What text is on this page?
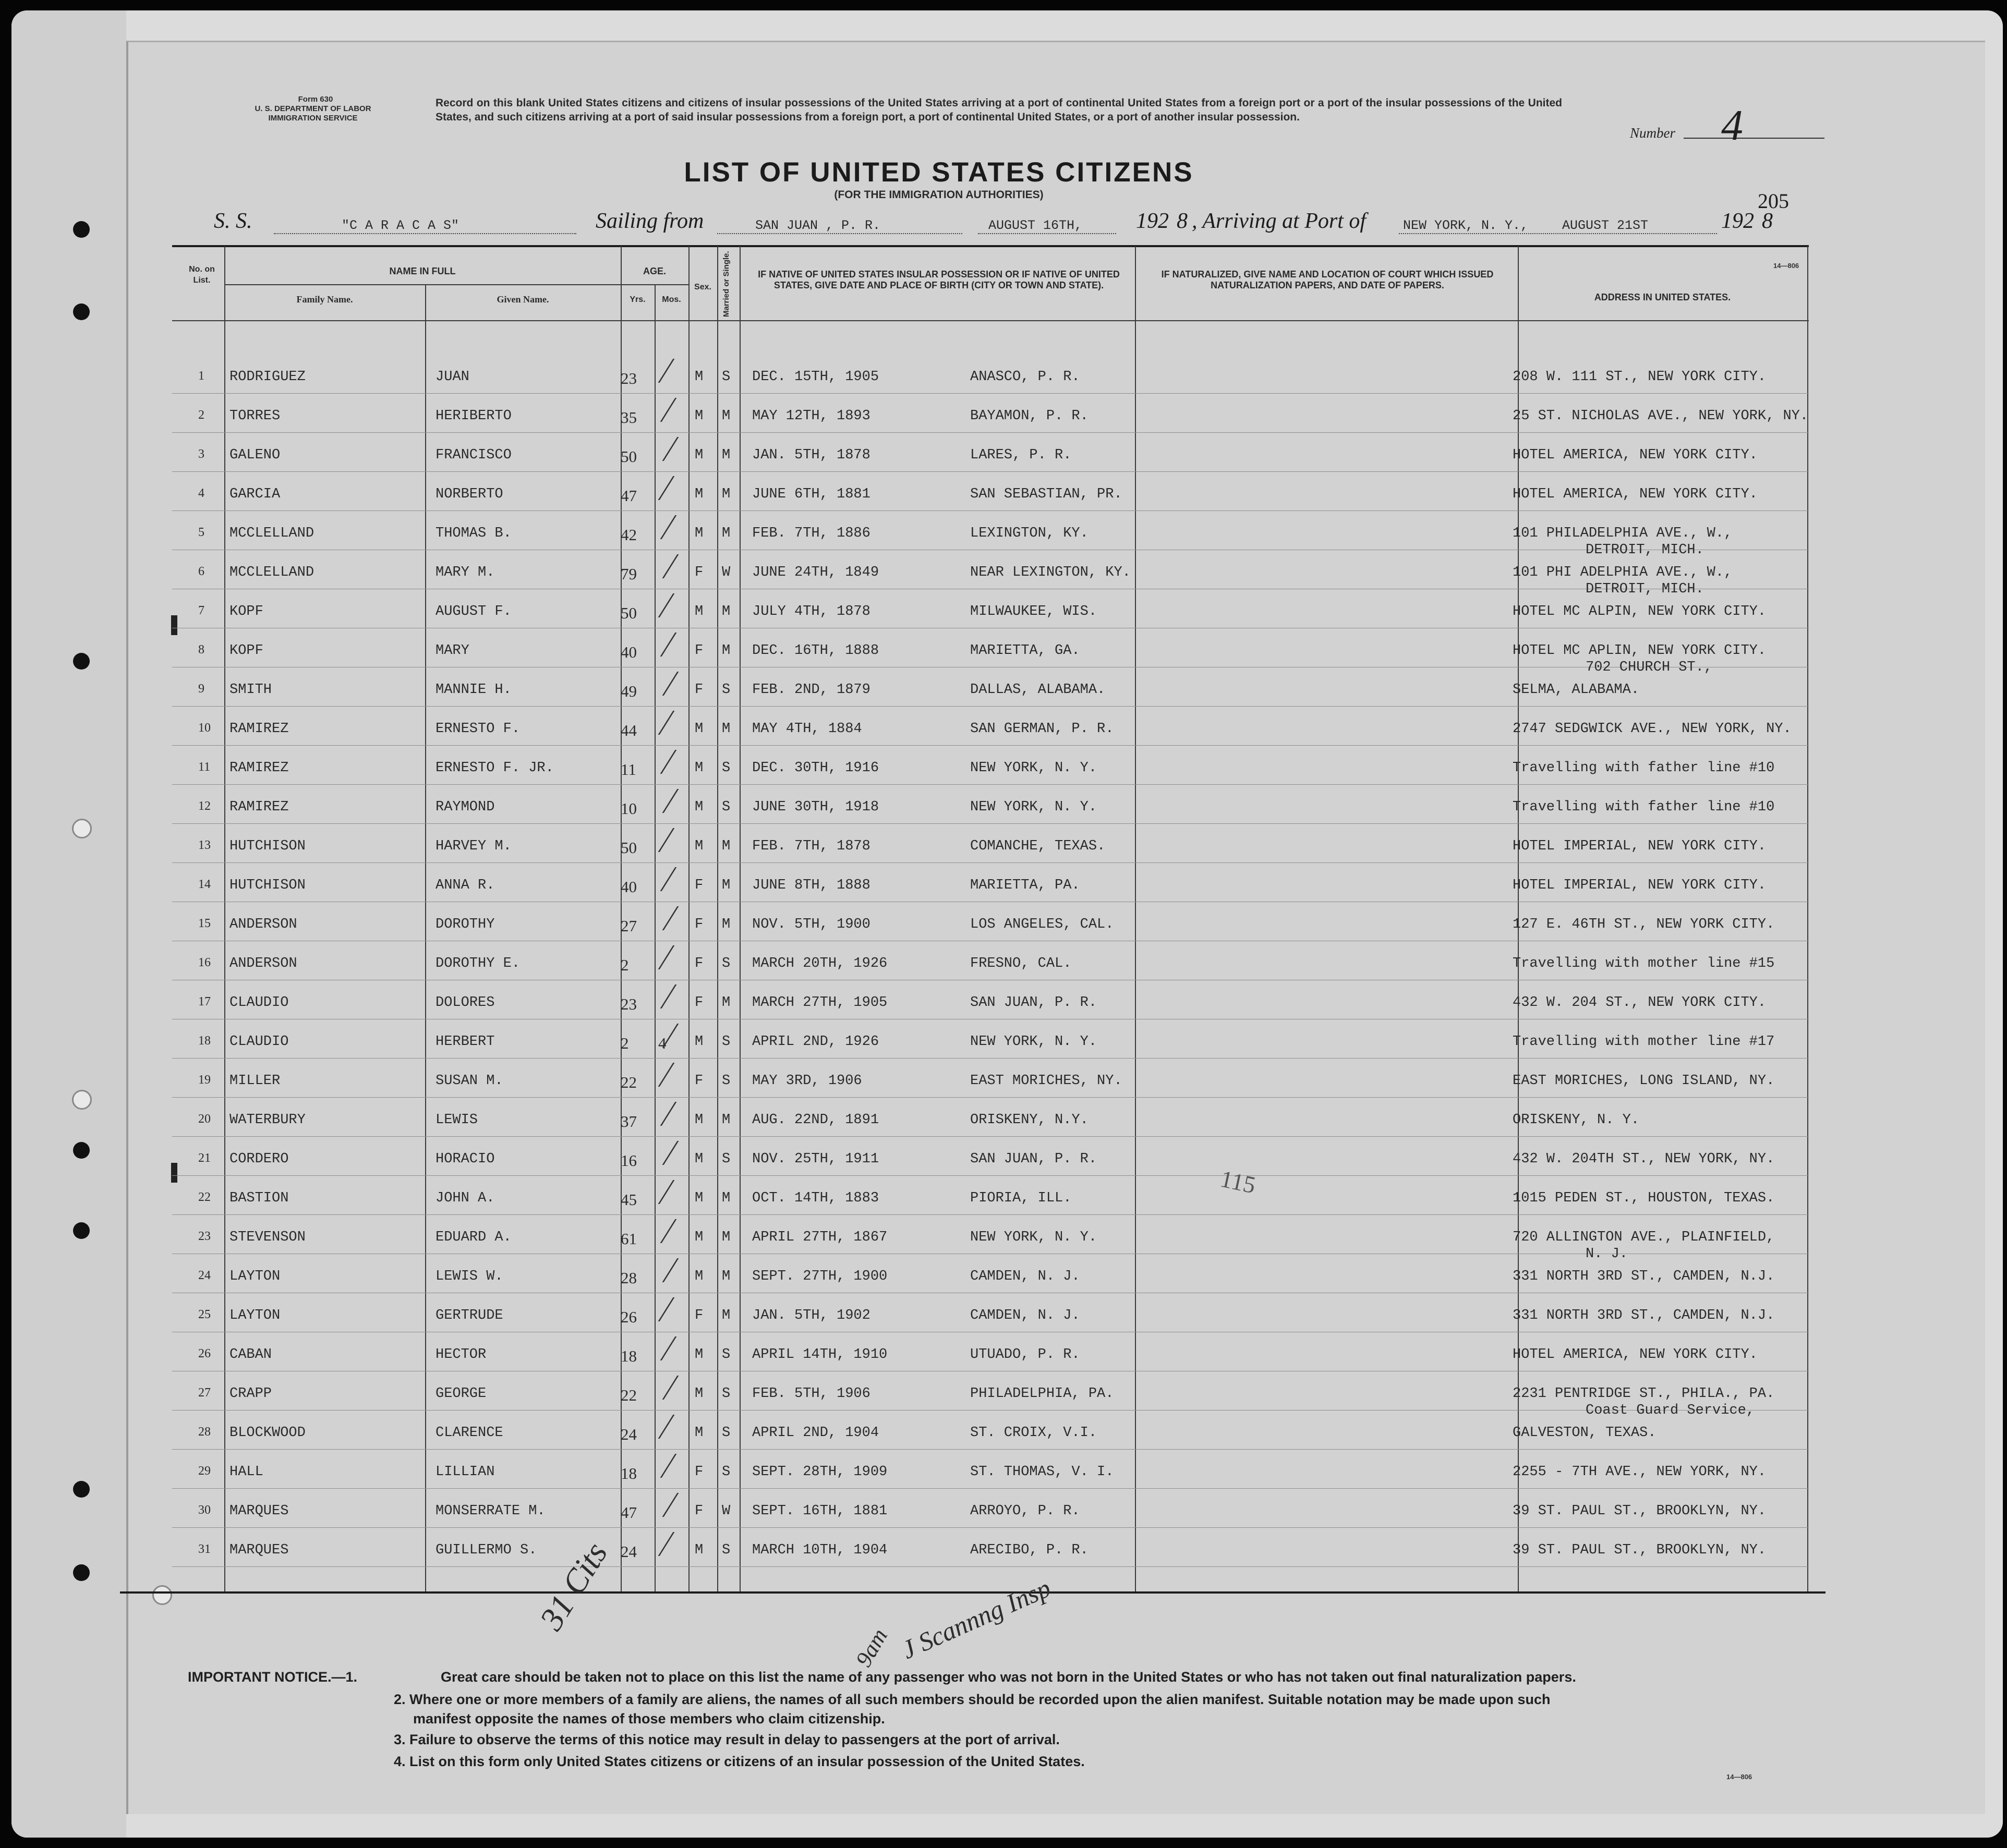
Form 630
U. S. DEPARTMENT OF LABOR
IMMIGRATION SERVICE
Record on this blank United States citizens and citizens of insular possessions of the United States arriving at a port of continental United States from a foreign port or a port of the insular possessions of the United States, and such citizens arriving at a port of said insular possessions from a foreign port, a port of continental United States, or a port of another insular possession.
Number 4
LIST OF UNITED STATES CITIZENS
(FOR THE IMMIGRATION AUTHORITIES)	205
14—806
S. S.	"C A R A C A S"	Sailing from	SAN JUAN , P. R.	AUGUST 16TH, 192 8 , Arriving at Port of	NEW YORK, N. Y.,	AUGUST 21ST	192 8
No. on List.
NAME IN FULL
Family Name.	Given Name.
AGE.
Yrs.	Mos.
Sex.	Married or Single.	IF NATIVE OF UNITED STATES INSULAR POSSESSION OR IF NATIVE OF UNITED STATES, GIVE DATE AND PLACE OF BIRTH (CITY OR TOWN AND STATE).
IF NATURALIZED, GIVE NAME AND LOCATION OF COURT WHICH ISSUED NATURALIZATION PAPERS, AND DATE OF PAPERS.
ADDRESS IN UNITED STATES.
1 RODRIGUEZ	JUAN	23	M S DEC. 15TH, 1905	ANASCO, P. R.	208 W. 111 ST., NEW YORK CITY.
2 TORRES	HERIBERTO	35	M M MAY 12TH, 1893	BAYAMON, P. R.	25 ST. NICHOLAS AVE., NEW YORK, NY.
3 GALENO	FRANCISCO	50	M M JAN. 5TH, 1878	LARES, P. R.	HOTEL AMERICA, NEW YORK CITY.
4 GARCIA	NORBERTO	47	M M JUNE 6TH, 1881	SAN SEBASTIAN, PR.	HOTEL AMERICA, NEW YORK CITY.
5 MCCLELLAND	THOMAS B.	42	M M FEB. 7TH, 1886	LEXINGTON, KY.	101 PHILADELPHIA AVE., W.,
DETROIT, MICH.
6 MCCLELLAND	MARY M.	79	F W JUNE 24TH, 1849	NEAR LEXINGTON, KY.	101 PHI ADELPHIA AVE., W.,
DETROIT, MICH.
7 KOPF	AUGUST F.	50	M M JULY 4TH, 1878	MILWAUKEE, WIS.	HOTEL MC ALPIN, NEW YORK CITY.
8 KOPF	MARY	40	F M DEC. 16TH, 1888	MARIETTA, GA.	HOTEL MC APLIN, NEW YORK CITY.
702 CHURCH ST.,
9 SMITH	MANNIE H.	49	F S FEB. 2ND, 1879	DALLAS, ALABAMA.	SELMA, ALABAMA.
10 RAMIREZ	ERNESTO F.	44	M M MAY 4TH, 1884	SAN GERMAN, P. R.	2747 SEDGWICK AVE., NEW YORK, NY.
11 RAMIREZ	ERNESTO F. JR.	11	M S DEC. 30TH, 1916	NEW YORK, N. Y.	Travelling with father line #10
12 RAMIREZ	RAYMOND	10	M S JUNE 30TH, 1918	NEW YORK, N. Y.	Travelling with father line #10
13 HUTCHISON	HARVEY M.	50	M M FEB. 7TH, 1878	COMANCHE, TEXAS.	HOTEL IMPERIAL, NEW YORK CITY.
14 HUTCHISON	ANNA R.	40	F M JUNE 8TH, 1888	MARIETTA, PA.	HOTEL IMPERIAL, NEW YORK CITY.
15 ANDERSON	DOROTHY	27	F M NOV. 5TH, 1900	LOS ANGELES, CAL.	127 E. 46TH ST., NEW YORK CITY.
16 ANDERSON	DOROTHY E.	2	F S MARCH 20TH, 1926	FRESNO, CAL.	Travelling with mother line #15
17 CLAUDIO	DOLORES	23	F M MARCH 27TH, 1905	SAN JUAN, P. R.	432 W. 204 ST., NEW YORK CITY.
18 CLAUDIO	HERBERT	2 4 M S APRIL 2ND, 1926	NEW YORK, N. Y.	Travelling with mother line #17
19 MILLER	SUSAN M.	22	F S MAY 3RD, 1906	EAST MORICHES, NY.	EAST MORICHES, LONG ISLAND, NY.
20 WATERBURY	LEWIS	37	M M AUG. 22ND, 1891	ORISKENY, N.Y.	ORISKENY, N. Y.
21 CORDERO	HORACIO	16	M S NOV. 25TH, 1911	SAN JUAN, P. R.	432 W. 204TH ST., NEW YORK, NY.
22 BASTION	JOHN A.	45	M M OCT. 14TH, 1883	PIORIA, ILL.	1015 PEDEN ST., HOUSTON, TEXAS.
23 STEVENSON	EDUARD A.	61	M M APRIL 27TH, 1867	NEW YORK, N. Y.	720 ALLINGTON AVE., PLAINFIELD,
N. J.
24 LAYTON	LEWIS W.	28	M M SEPT. 27TH, 1900	CAMDEN, N. J.	331 NORTH 3RD ST., CAMDEN, N.J.
25 LAYTON	GERTRUDE	26	F M JAN. 5TH, 1902	CAMDEN, N. J.	331 NORTH 3RD ST., CAMDEN, N.J.
26 CABAN	HECTOR	18	M S APRIL 14TH, 1910	UTUADO, P. R.	HOTEL AMERICA, NEW YORK CITY.
27 CRAPP	GEORGE	22	M S FEB. 5TH, 1906	PHILADELPHIA, PA.	2231 PENTRIDGE ST., PHILA., PA.
Coast Guard Service,
28 BLOCKWOOD	CLARENCE	24	M S APRIL 2ND, 1904	ST. CROIX, V.I.	GALVESTON, TEXAS.
29 HALL	LILLIAN	18	F S SEPT. 28TH, 1909	ST. THOMAS, V. I.	2255 - 7TH AVE., NEW YORK, NY.
30 MARQUES	MONSERRATE M.	47	F W SEPT. 16TH, 1881	ARROYO, P. R.	39 ST. PAUL ST., BROOKLYN, NY.
31 MARQUES	GUILLERMO S.	24	M S MARCH 10TH, 1904	ARECIBO, P. R.	39 ST. PAUL ST., BROOKLYN, NY.
115
31 Cits
9am J Scannng Insp
IMPORTANT NOTICE.—1.	Great care should be taken not to place on this list the name of any passenger who was not born in the United States or who has not taken out final naturalization papers.
2. Where one or more members of a family are aliens, the names of all such members should be recorded upon the alien manifest. Suitable notation may be made upon such
manifest opposite the names of those members who claim citizenship.
3. Failure to observe the terms of this notice may result in delay to passengers at the port of arrival.
4. List on this form only United States citizens or citizens of an insular possession of the United States.
14—806
